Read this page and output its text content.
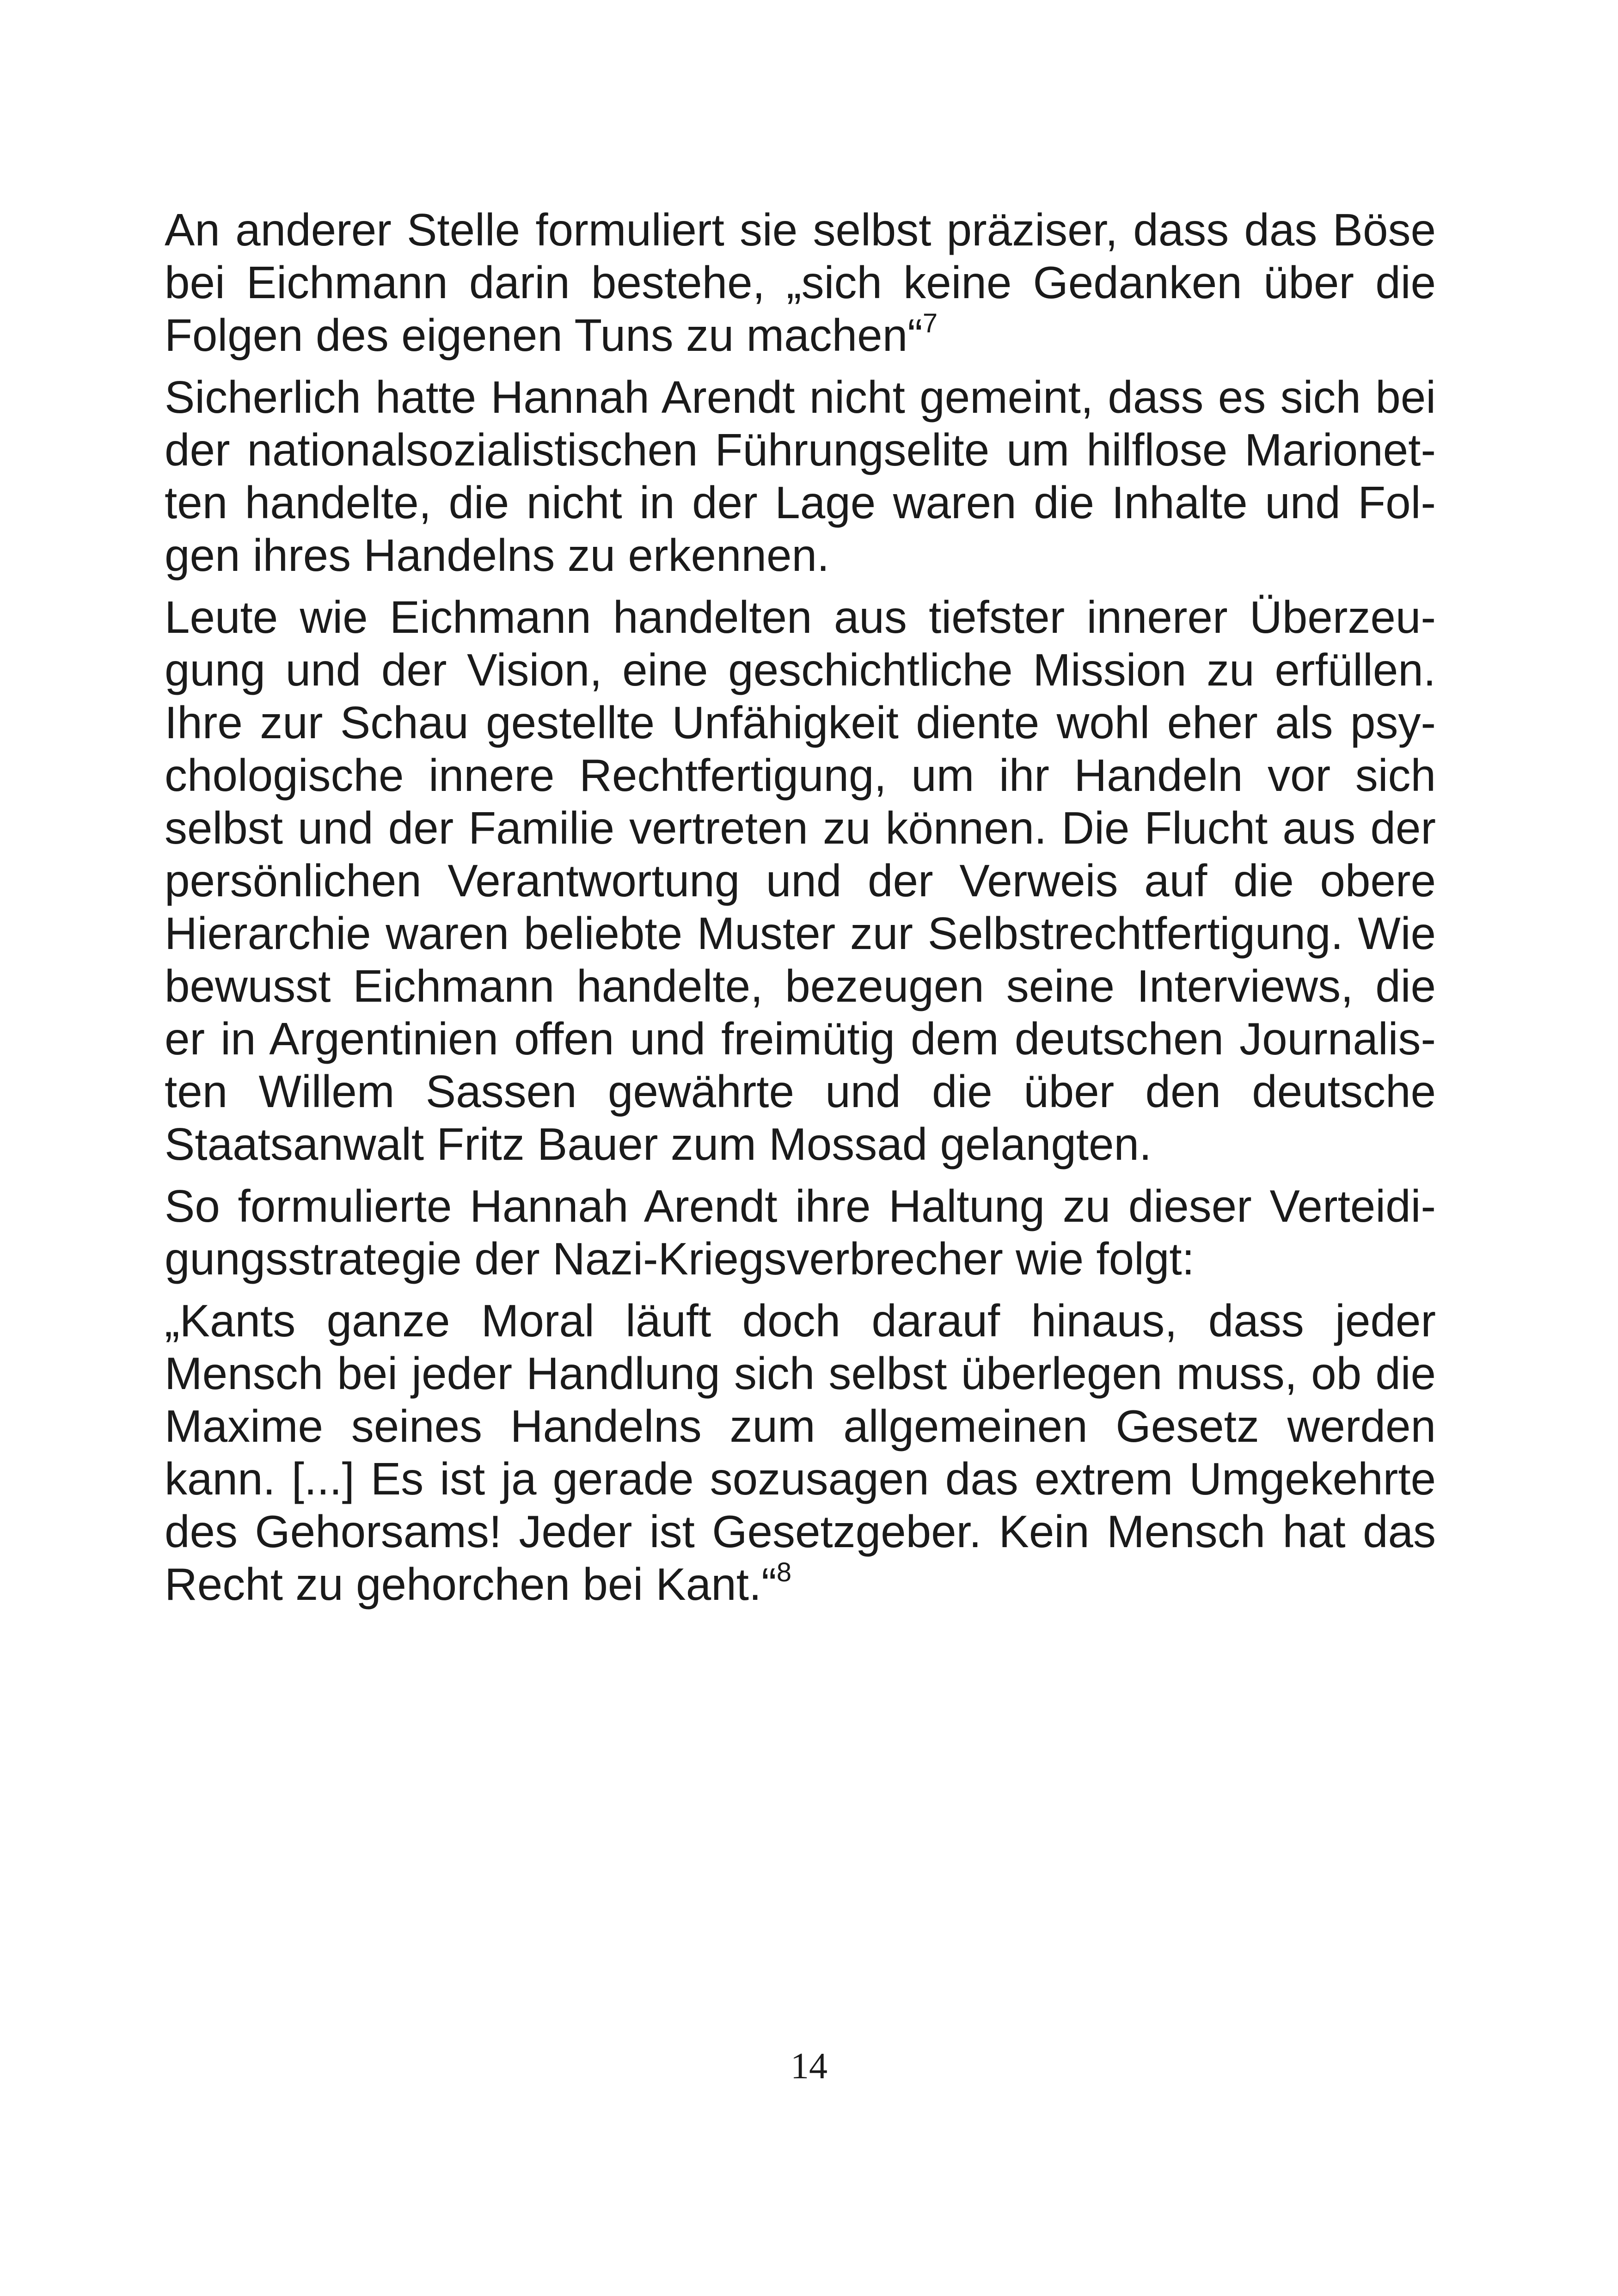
An anderer Stelle formuliert sie selbst präziser, dass das Böse
bei Eichmann darin bestehe, „sich keine Gedanken über die
Folgen des eigenen Tuns zu machen“$^7$
Sicherlich hatte Hannah Arendt nicht gemeint, dass es sich bei
der nationalsozialistischen Führungselite um hilflose Marionet-
ten handelte, die nicht in der Lage waren die Inhalte und Fol-
gen ihres Handelns zu erkennen.
Leute wie Eichmann handelten aus tiefster innerer Überzeu-
gung und der Vision, eine geschichtliche Mission zu erfüllen.
Ihre zur Schau gestellte Unfähigkeit diente wohl eher als psy-
chologische innere Rechtfertigung, um ihr Handeln vor sich
selbst und der Familie vertreten zu können. Die Flucht aus der
persönlichen Verantwortung und der Verweis auf die obere
Hierarchie waren beliebte Muster zur Selbstrechtfertigung. Wie
bewusst Eichmann handelte, bezeugen seine Interviews, die
er in Argentinien offen und freimütig dem deutschen Journalis-
ten Willem Sassen gewährte und die über den deutsche
Staatsanwalt Fritz Bauer zum Mossad gelangten.
So formulierte Hannah Arendt ihre Haltung zu dieser Verteidi-
gungsstrategie der Nazi-Kriegsverbrecher wie folgt:
„Kants ganze Moral läuft doch darauf hinaus, dass jeder
Mensch bei jeder Handlung sich selbst überlegen muss, ob die
Maxime seines Handelns zum allgemeinen Gesetz werden
kann. [...] Es ist ja gerade sozusagen das extrem Umgekehrte
des Gehorsams! Jeder ist Gesetzgeber. Kein Mensch hat das
Recht zu gehorchen bei Kant.“$^8$
14
